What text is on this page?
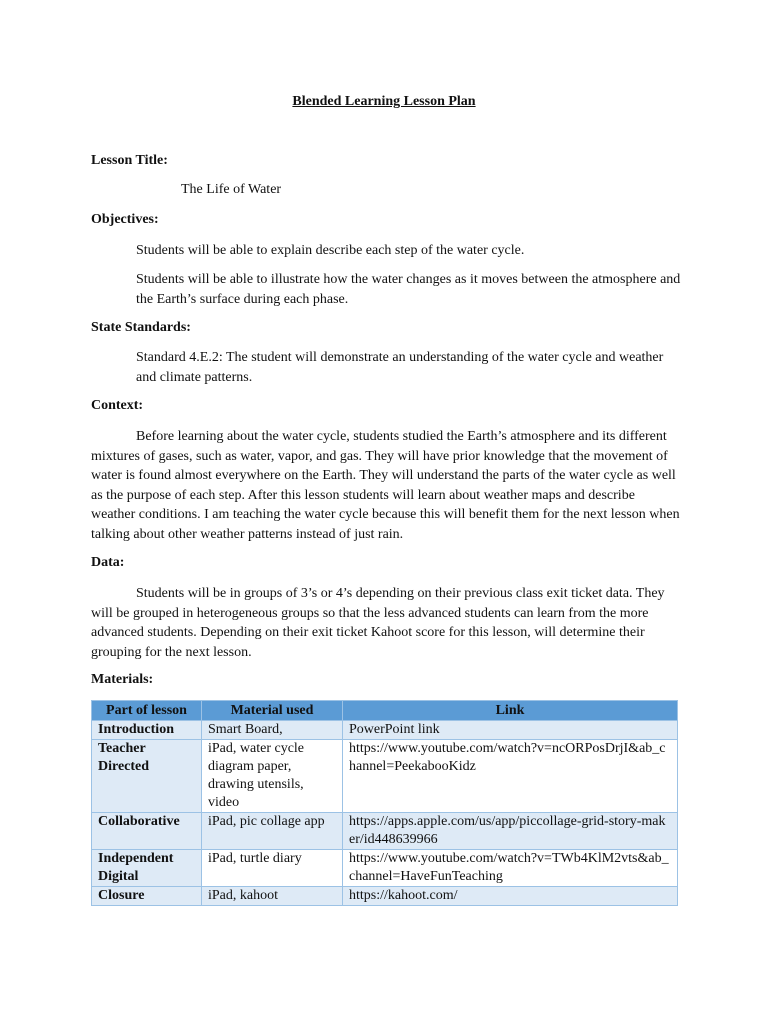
Blended Learning Lesson Plan
Lesson Title:
The Life of Water
Objectives:
Students will be able to explain describe each step of the water cycle.
Students will be able to illustrate how the water changes as it moves between the atmosphere and the Earth’s surface during each phase.
State Standards:
Standard 4.E.2: The student will demonstrate an understanding of the water cycle and weather and climate patterns.
Context:
Before learning about the water cycle, students studied the Earth’s atmosphere and its different mixtures of gases, such as water, vapor, and gas. They will have prior knowledge that the movement of water is found almost everywhere on the Earth. They will understand the parts of the water cycle as well as the purpose of each step. After this lesson students will learn about weather maps and describe weather conditions. I am teaching the water cycle because this will benefit them for the next lesson when talking about other weather patterns instead of just rain.
Data:
Students will be in groups of 3’s or 4’s depending on their previous class exit ticket data. They will be grouped in heterogeneous groups so that the less advanced students can learn from the more advanced students. Depending on their exit ticket Kahoot score for this lesson, will determine their grouping for the next lesson.
Materials:
Part of lesson	Material used	Link
Introduction	Smart Board,	PowerPoint link
Teacher Directed	iPad, water cycle diagram paper, drawing utensils, video	https://www.youtube.com/watch?v=ncORPosDrjI&ab_channel=PeekabooKidz
Collaborative	iPad, pic collage app	https://apps.apple.com/us/app/piccollage-grid-story-maker/id448639966
Independent Digital	iPad, turtle diary	https://www.youtube.com/watch?v=TWb4KlM2vts&ab_channel=HaveFunTeaching
Closure	iPad, kahoot	https://kahoot.com/
